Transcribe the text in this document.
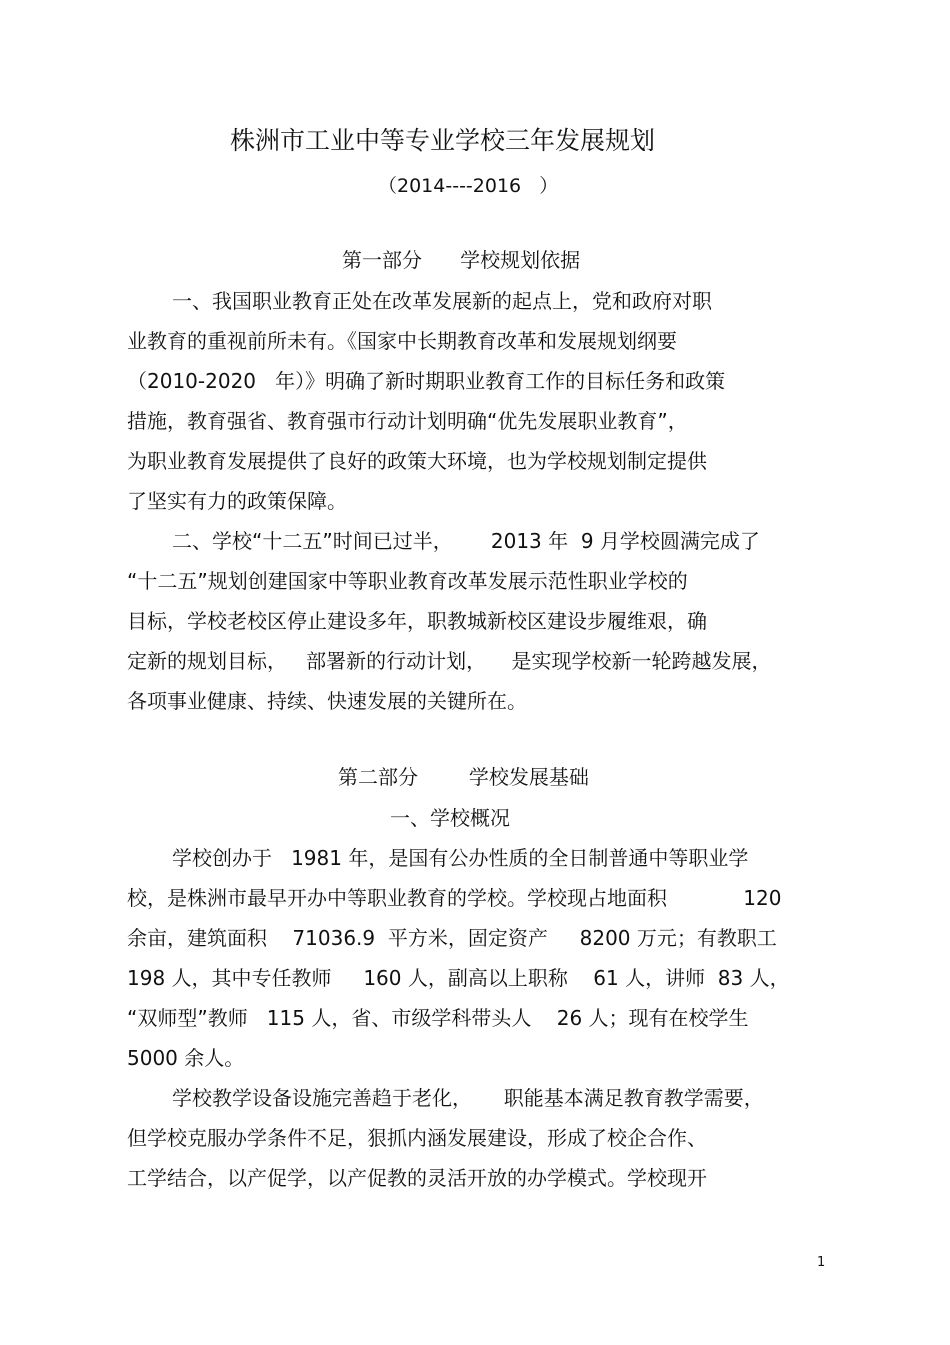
株洲市工业中等专业学校三年发展规划
（2014----2016   ）
第一部分      学校规划依据
一、我国职业教育正处在改革发展新的起点上，党和政府对职
业教育的重视前所未有。《国家中长期教育改革和发展规划纲要
（2010-2020   年）》明确了新时期职业教育工作的目标任务和政策
措施，教育强省、教育强市行动计划明确“优先发展职业教育”，
为职业教育发展提供了良好的政策大环境，也为学校规划制定提供
了坚实有力的政策保障。
二、学校“十二五”时间已过半，      2013 年  9 月学校圆满完成了
“十二五”规划创建国家中等职业教育改革发展示范性职业学校的
目标，学校老校区停止建设多年，职教城新校区建设步履维艰，确
定新的规划目标，   部署新的行动计划，    是实现学校新一轮跨越发展，
各项事业健康、持续、快速发展的关键所在。
第二部分        学校发展基础
一、学校概况
学校创办于   1981 年，是国有公办性质的全日制普通中等职业学
校，是株洲市最早开办中等职业教育的学校。学校现占地面积            120
余亩，建筑面积    71036.9  平方米，固定资产     8200 万元；有教职工
198 人，其中专任教师     160 人，副高以上职称    61 人，讲师  83 人，
“双师型”教师   115 人，省、市级学科带头人    26 人；现有在校学生
5000 余人。
学校教学设备设施完善趋于老化，     职能基本满足教育教学需要，
但学校克服办学条件不足，狠抓内涵发展建设，形成了校企合作、
工学结合，以产促学，以产促教的灵活开放的办学模式。学校现开
1
